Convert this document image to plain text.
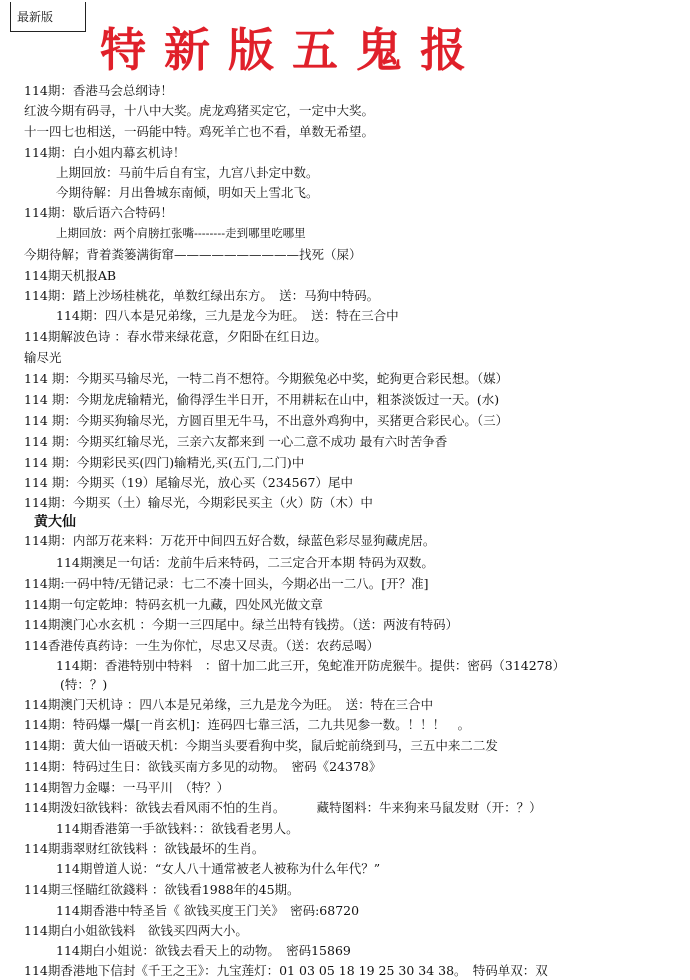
最新版
特新版五鬼报
114期：香港马会总纲诗！
红波今期有码寻，十八中大奖。虎龙鸡猪买定它，一定中大奖。
十一四七也相送，一码能中特。鸡死羊亡也不看，单数无希望。
114期：白小姐内幕玄机诗！
上期回放：马前牛后自有宝，九宫八卦定中数。
今期待解：月出鲁城东南倾，明如天上雪北飞。
114期：歇后语六合特码！
上期回放：两个肩膀扛张嘴--------走到哪里吃哪里
今期待解；背着粪篓满街窜——————————找死（屎）
114期天机报AB
114期：踏上沙场桂桃花，单数红绿出东方。　送：马狗中特码。
114期：四八本是兄弟缘，三九是龙今为旺。　送：特在三合中
114期解波色诗 ：春水带来绿花意，夕阳卧在红日边。
输尽光
114 期：今期买马输尽光，一特二肖不想符。今期猴兔必中奖，蛇狗更合彩民想。（媒）
114 期：今期龙虎输精光，偷得浮生半日开，不用耕耘在山中，粗茶淡饭过一天。(水)
114 期：今期买狗输尽光，方圆百里无牛马，不出意外鸡狗中，买猪更合彩民心。（三）
114 期：今期买红输尽光，三亲六友都来到 一心二意不成功 最有六时苦争香
114 期：今期彩民买(四门)输精光,买(五门,二门)中
114 期：今期买（19）尾输尽光，放心买（234567）尾中
114期：今期买（土）输尽光，今期彩民买主（火）防（木）中
黄大仙
114期：内部万花来料：万花开中间四五好合数，绿蓝色彩尽显狗藏虎居。
114期澳足一句话：龙前牛后来特码，二三定合开本期 特码为双数。
114期:一码中特/无错记录：七二不凑十回头，今期必出一二八。[开？准]
114期一句定乾坤：特码玄机一九藏，四处风光做文章
114期澳门心水玄机 ：今期一三四尾中。绿兰出特有钱捞。（送：两波有特码）
114香港传真药诗：一生为你忙，尽忠又尽责。（送：农药忌喝）
114期：香港特别中特料　：留十加二此三开，兔蛇准开防虎猴牛。提供：密码（314278）
(特：？)
114期澳门天机诗 ：四八本是兄弟缘，三九是龙今为旺。　送：特在三合中
114期：特码爆一爆[一肖玄机]：连码四七靠三活，二九共见参一数。！！！　。
114期：黄大仙一语破天机：今期当头要看狗中奖，鼠后蛇前绕到马，三五中来二二发
114期：特码过生日：欲钱买南方多见的动物。　密码《24378》
114期智力金曝：一马平川　（特？）
114期泼妇欲钱料：欲钱去看风雨不怕的生肖。　　　藏特图料：牛来狗来马鼠发财（开：？）
114期香港第一手欲钱料：：欲钱看老男人。
114期翡翠财红欲钱料 ：欲钱最坏的生肖。
114期曾道人说：“女人八十通常被老人被称为什么年代？”
114期三怪瞄红欲錢料 ：欲钱看1988年的45期。
114期香港中特圣旨《 欲钱买度王门关》　密码:68720
114期白小姐欲钱料　欲钱买四两大小。
114期白小姐说：欲钱去看天上的动物。　密码15869
114期香港地下信封《千王之王》：九宝莲灯：01 03 05 18 19 25 30 34 38。　特码单双：双
